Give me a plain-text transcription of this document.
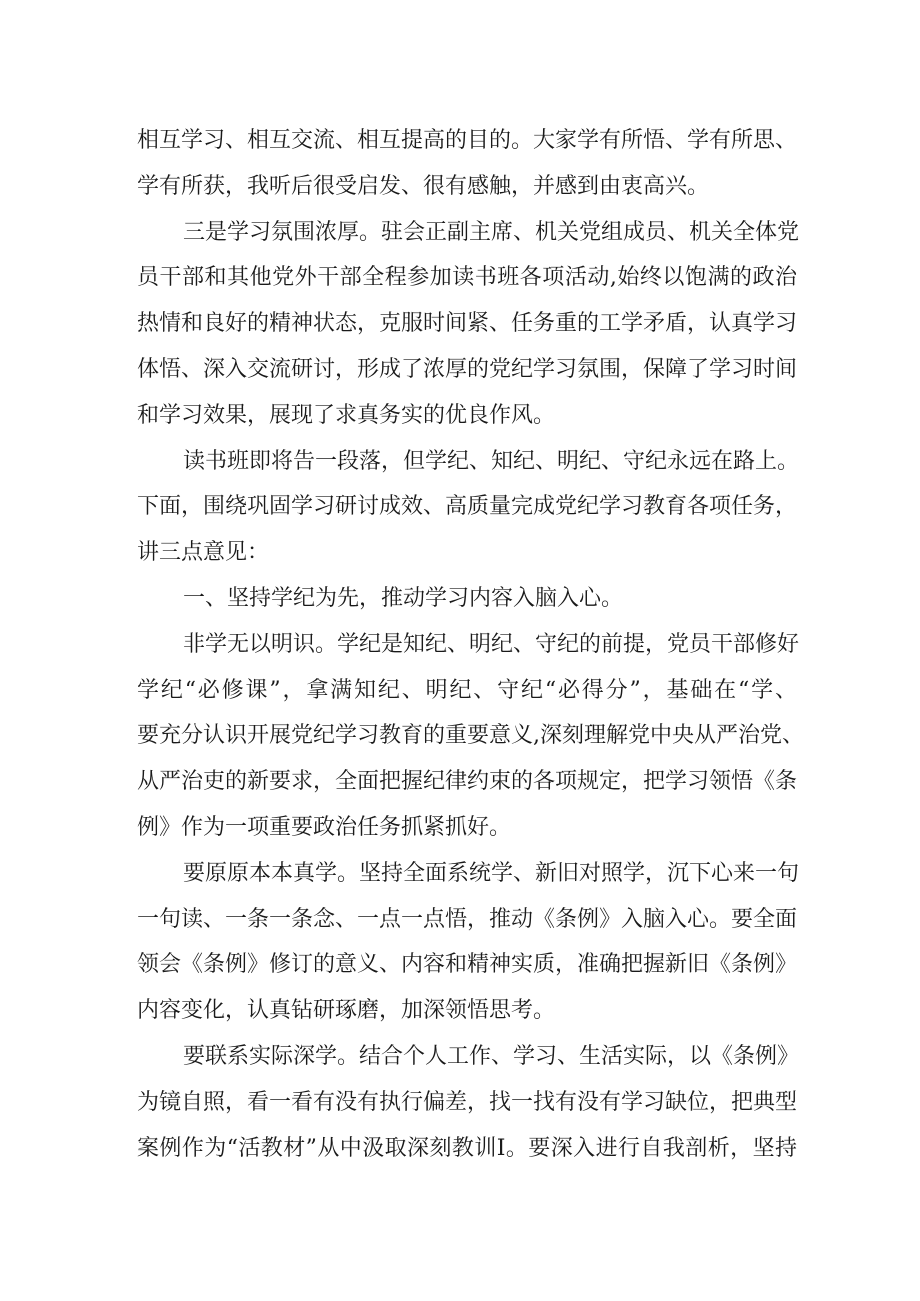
相互学习、相互交流、相互提高的目的。大家学有所悟、学有所思、
学有所获，我听后很受启发、很有感触，并感到由衷高兴。
三是学习氛围浓厚。驻会正副主席、机关党组成员、机关全体党
员干部和其他党外干部全程参加读书班各项活动,始终以饱满的政治
热情和良好的精神状态，克服时间紧、任务重的工学矛盾，认真学习
体悟、深入交流研讨，形成了浓厚的党纪学习氛围，保障了学习时间
和学习效果，展现了求真务实的优良作风。
读书班即将告一段落，但学纪、知纪、明纪、守纪永远在路上。
下面，围绕巩固学习研讨成效、高质量完成党纪学习教育各项任务，
讲三点意见：
一、坚持学纪为先，推动学习内容入脑入心。
非学无以明识。学纪是知纪、明纪、守纪的前提，党员干部修好
学纪“必修课”，拿满知纪、明纪、守纪“必得分”，基础在“学、
要充分认识开展党纪学习教育的重要意义,深刻理解党中央从严治党、
从严治吏的新要求，全面把握纪律约束的各项规定，把学习领悟《条
例》作为一项重要政治任务抓紧抓好。
要原原本本真学。坚持全面系统学、新旧对照学，沉下心来一句
一句读、一条一条念、一点一点悟，推动《条例》入脑入心。要全面
领会《条例》修订的意义、内容和精神实质，准确把握新旧《条例》
内容变化，认真钻研琢磨，加深领悟思考。
要联系实际深学。结合个人工作、学习、生活实际，以《条例》
为镜自照，看一看有没有执行偏差，找一找有没有学习缺位，把典型
案例作为“活教材”从中汲取深刻教训I。要深入进行自我剖析，坚持
